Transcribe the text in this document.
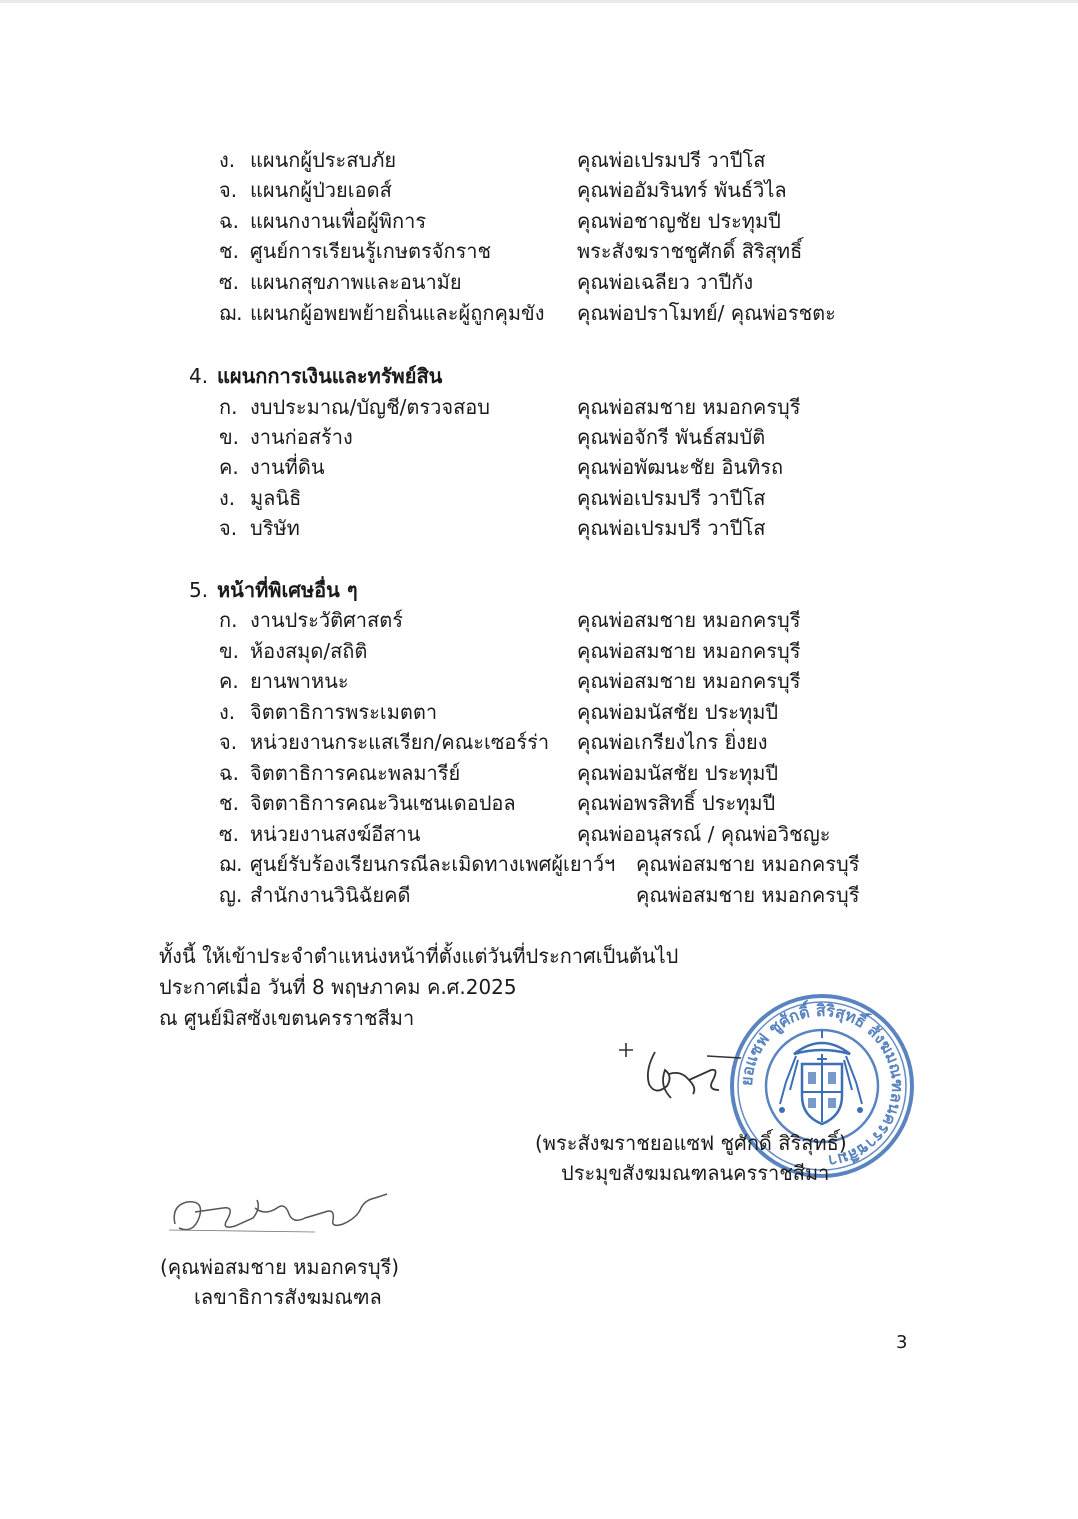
ง. แผนกผู้ประสบภัย	คุณพ่อเปรมปรี วาปีโส
จ. แผนกผู้ป่วยเอดส์	คุณพ่ออัมรินทร์ พันธ์วิไล
ฉ. แผนกงานเพื่อผู้พิการ	คุณพ่อชาญชัย ประทุมปี
ช. ศูนย์การเรียนรู้เกษตรจักราช	พระสังฆราชชูศักดิ์ สิริสุทธิ์
ซ. แผนกสุขภาพและอนามัย	คุณพ่อเฉลียว วาปีกัง
ฌ. แผนกผู้อพยพย้ายถิ่นและผู้ถูกคุมขัง คุณพ่อปราโมทย์/ คุณพ่อรชตะ
4. แผนกการเงินและทรัพย์สิน
ก. งบประมาณ/บัญชี/ตรวจสอบ	คุณพ่อสมชาย หมอกครบุรี
ข. งานก่อสร้าง	คุณพ่อจักรี พันธ์สมบัติ
ค. งานที่ดิน	คุณพ่อพัฒนะชัย อินทิรถ
ง. มูลนิธิ	คุณพ่อเปรมปรี วาปีโส
จ. บริษัท	คุณพ่อเปรมปรี วาปีโส
5. หน้าที่พิเศษอื่น ๆ
ก. งานประวัติศาสตร์	คุณพ่อสมชาย หมอกครบุรี
ข. ห้องสมุด/สถิติ	คุณพ่อสมชาย หมอกครบุรี
ค. ยานพาหนะ	คุณพ่อสมชาย หมอกครบุรี
ง. จิตตาธิการพระเมตตา	คุณพ่อมนัสชัย ประทุมปี
จ. หน่วยงานกระแสเรียก/คณะเซอร์ร่า คุณพ่อเกรียงไกร ยิ่งยง
ฉ. จิตตาธิการคณะพลมารีย์	คุณพ่อมนัสชัย ประทุมปี
ช. จิตตาธิการคณะวินเซนเดอปอล	คุณพ่อพรสิทธิ์ ประทุมปี
ซ. หน่วยงานสงฆ์อีสาน	คุณพ่ออนุสรณ์ / คุณพ่อวิชญะ
ฌ. ศูนย์รับร้องเรียนกรณีละเมิดทางเพศผู้เยาว์ฯ คุณพ่อสมชาย หมอกครบุรี
ญ. สำนักงานวินิฉัยคดี	คุณพ่อสมชาย หมอกครบุรี
ทั้งนี้ ให้เข้าประจำตำแหน่งหน้าที่ตั้งแต่วันที่ประกาศเป็นต้นไป
ประกาศเมื่อ วันที่ 8 พฤษภาคม ค.ศ.2025
ณ ศูนย์มิสซังเขตนครราชสีมา
ยอแซฟ ชูศักดิ์ สิริสุทธิ์ สังฆมณฑลนครราชสีมา
(พระสังฆราชยอแซฟ ชูศักดิ์ สิริสุทธิ์)
ประมุขสังฆมณฑลนครราชสีมา
(คุณพ่อสมชาย หมอกครบุรี)
เลขาธิการสังฆมณฑล
3
